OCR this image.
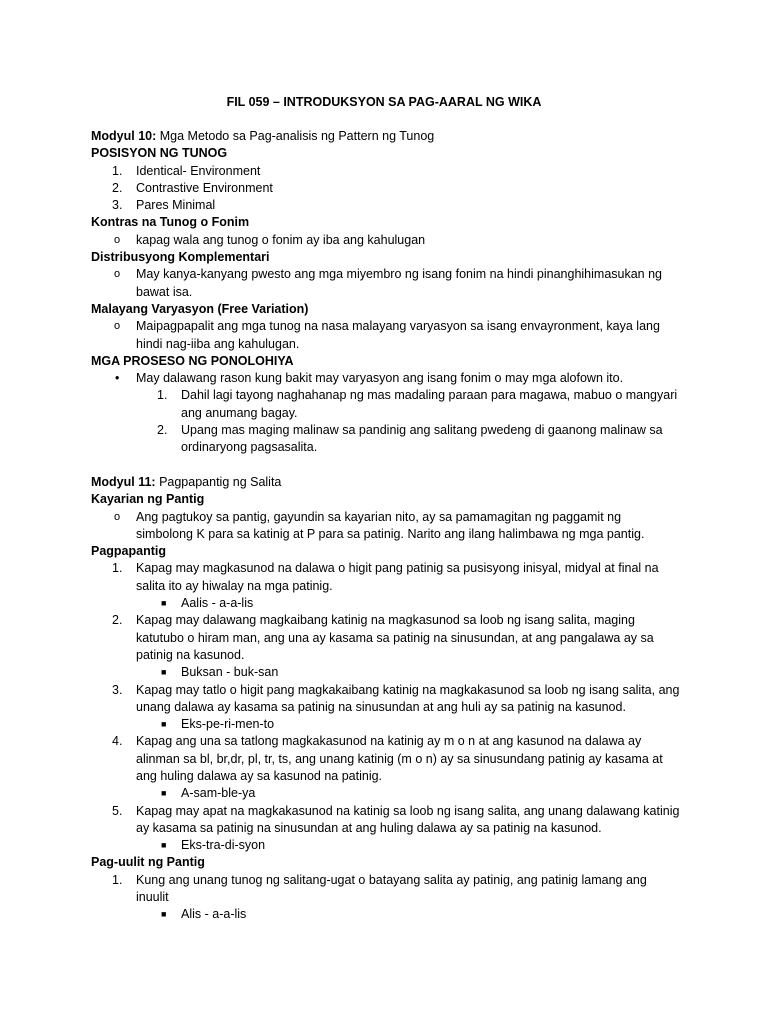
FIL 059 – INTRODUKSYON SA PAG-AARAL NG WIKA
Modyul 10: Mga Metodo sa Pag-analisis ng Pattern ng Tunog
POSISYON NG TUNOG
1. Identical- Environment
2. Contrastive Environment
3. Pares Minimal
Kontras na Tunog o Fonim
o kapag wala ang tunog o fonim ay iba ang kahulugan
Distribusyong Komplementari
o May kanya-kanyang pwesto ang mga miyembro ng isang fonim na hindi pinanghihimasukan ng
bawat isa.
Malayang Varyasyon (Free Variation)
o Maipagpapalit ang mga tunog na nasa malayang varyasyon sa isang envayronment, kaya lang
hindi nag-iiba ang kahulugan.
MGA PROSESO NG PONOLOHIYA
• May dalawang rason kung bakit may varyasyon ang isang fonim o may mga alofown ito.
1. Dahil lagi tayong naghahanap ng mas madaling paraan para magawa, mabuo o mangyari
ang anumang bagay.
2. Upang mas maging malinaw sa pandinig ang salitang pwedeng di gaanong malinaw sa
ordinaryong pagsasalita.
Modyul 11: Pagpapantig ng Salita
Kayarian ng Pantig
o Ang pagtukoy sa pantig, gayundin sa kayarian nito, ay sa pamamagitan ng paggamit ng
simbolong K para sa katinig at P para sa patinig. Narito ang ilang halimbawa ng mga pantig.
Pagpapantig
1. Kapag may magkasunod na dalawa o higit pang patinig sa pusisyong inisyal, midyal at final na
salita ito ay hiwalay na mga patinig.
■ Aalis - a-a-lis
2. Kapag may dalawang magkaibang katinig na magkasunod sa loob ng isang salita, maging
katutubo o hiram man, ang una ay kasama sa patinig na sinusundan, at ang pangalawa ay sa
patinig na kasunod.
■ Buksan - buk-san
3. Kapag may tatlo o higit pang magkakaibang katinig na magkakasunod sa loob ng isang salita, ang
unang dalawa ay kasama sa patinig na sinusundan at ang huli ay sa patinig na kasunod.
■ Eks-pe-ri-men-to
4. Kapag ang una sa tatlong magkakasunod na katinig ay m o n at ang kasunod na dalawa ay
alinman sa bl, br,dr, pl, tr, ts, ang unang katinig (m o n) ay sa sinusundang patinig ay kasama at
ang huling dalawa ay sa kasunod na patinig.
■ A-sam-ble-ya
5. Kapag may apat na magkakasunod na katinig sa loob ng isang salita, ang unang dalawang katinig
ay kasama sa patinig na sinusundan at ang huling dalawa ay sa patinig na kasunod.
■ Eks-tra-di-syon
Pag-uulit ng Pantig
1. Kung ang unang tunog ng salitang-ugat o batayang salita ay patinig, ang patinig lamang ang
inuulit
■ Alis - a-a-lis
